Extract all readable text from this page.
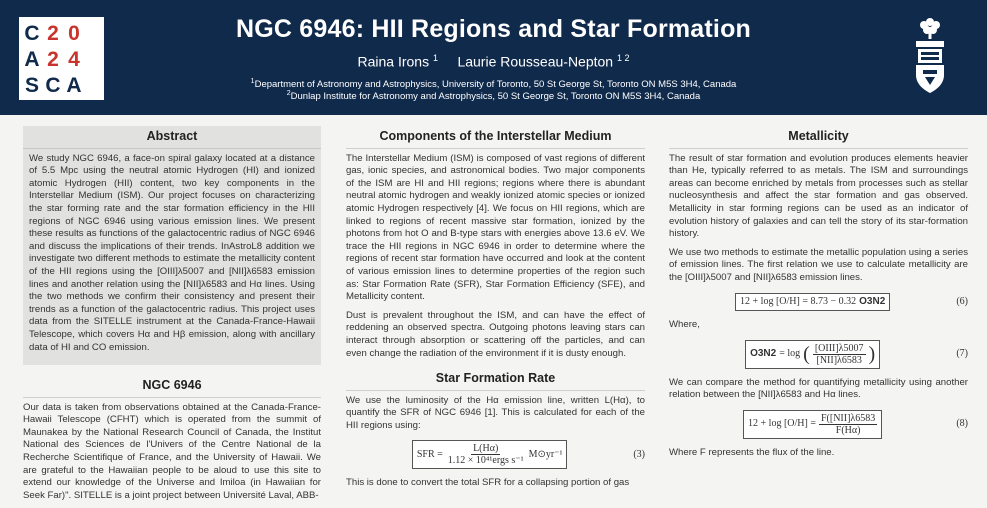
C 2 0
A 2 4
S C A
NGC 6946: HII Regions and Star Formation
Raina Irons $^1$ Laurie Rousseau-Nepton $^{1 2}$
$^1$Department of Astronomy and Astrophysics, University of Toronto, 50 St George St, Toronto ON M5S 3H4, Canada
$^2$Dunlap Institute for Astronomy and Astrophysics, 50 St George St, Toronto ON M5S 3H4, Canada
Abstract

We study NGC 6946, a face-on spiral galaxy located at a distance of 5.5 Mpc using the neutral atomic Hydrogen (HI) and ionized atomic Hydrogen (HII) content, two key components in the Interstellar Medium (ISM). Our project focuses on characterizing the star forming rate and the star formation efficiency in the HII regions of NGC 6946 using various emission lines. We present these results as functions of the galactocentric radius of NGC 6946 and discuss the implications of their trends. InAstroL8 addition we investigate two different methods to estimate the metallicity content of the HII regions using the [OIII]λ5007 and [NII]λ6583 emission lines and another relation using the [NII]λ6583 and Hα lines. Using the two methods we confirm their consistency and present their trends as a function of the galactocentric radius. This project uses data from the SITELLE instrument at the Canada-France-Hawaii Telescope, which covers Hα and Hβ emission, along with ancillary data of HI and CO emission.

NGC 6946

Our data is taken from observations obtained at the Canada-France-Hawaii Telescope (CFHT) which is operated from the summit of Maunakea by the National Research Council of Canada, the Institut National des Sciences de l'Univers of the Centre National de la Recherche Scientifique of France, and the University of Hawaii. We are grateful to the Hawaiian people to be aloud to use this site to extend our knowledge of the Universe and Imiloa (in Hawaiian for Seek Far)". SITELLE is a joint project between Université Laval, ABB-

Components of the Interstellar Medium

The Interstellar Medium (ISM) is composed of vast regions of different gas, ionic species, and astronomical bodies. Two major components of the ISM are HI and HII regions; regions where there is abundant neutral atomic hydrogen and weakly ionized atomic species or ionized atomic Hydrogen respectively [4]. We focus on HII regions, which are linked to regions of recent massive star formation, ionized by the photons from hot O and B-type stars with energies above 13.6 eV. We trace the HII regions in NGC 6946 in order to determine where the regions of recent star formation have occurred and look at the content of various emission lines to determine properties of the region such as: Star Formation Rate (SFR), Star Formation Efficiency (SFE), and Metallicity content.

Dust is prevalent throughout the ISM, and can have the effect of reddening an observed spectra. Outgoing photons leaving stars can interact through absorption or scattering off the particles, and can even change the radiation of the environment if it is dusty enough.

Star Formation Rate

We use the luminosity of the Hα emission line, written L(Hα), to quantify the SFR of NGC 6946 [1]. This is calculated for each of the HII regions using:

SFR = $\frac{L(H\alpha)}{\text{1.12 × 10⁴¹ergs s⁻¹}}$ M⊙yr⁻¹	(3)

This is done to convert the total SFR for a collapsing portion of gas

Metallicity

The result of star formation and evolution produces elements heavier than He, typically referred to as metals. The ISM and surroundings areas can become enriched by metals from processes such as stellar nucleosynthesis and affect the star formation and gas observed. Metallicity in star forming regions can be used as an indicator of evolution history of galaxies and can tell the story of its star-formation history.

We use two methods to estimate the metallic population using a series of emission lines. The first relation we use to calculate metallicity are the [OIII]λ5007 and [NII]λ6583 emission lines.

12 + log [O/H] = 8.73 − 0.32 O3N2	(6)

Where,

O3N2 = log ( $\frac{\text{[OIII]λ5007}}{\text{[NII]λ6583}}$ )	(7)

We can compare the method for quantifying metallicity using another relation between the [NII]λ6583 and Hα lines.

$12 + \log [O/H] = \frac{\text{F([NII]λ6583}}{F(H\alpha)}$	(8)

Where F represents the flux of the line.
